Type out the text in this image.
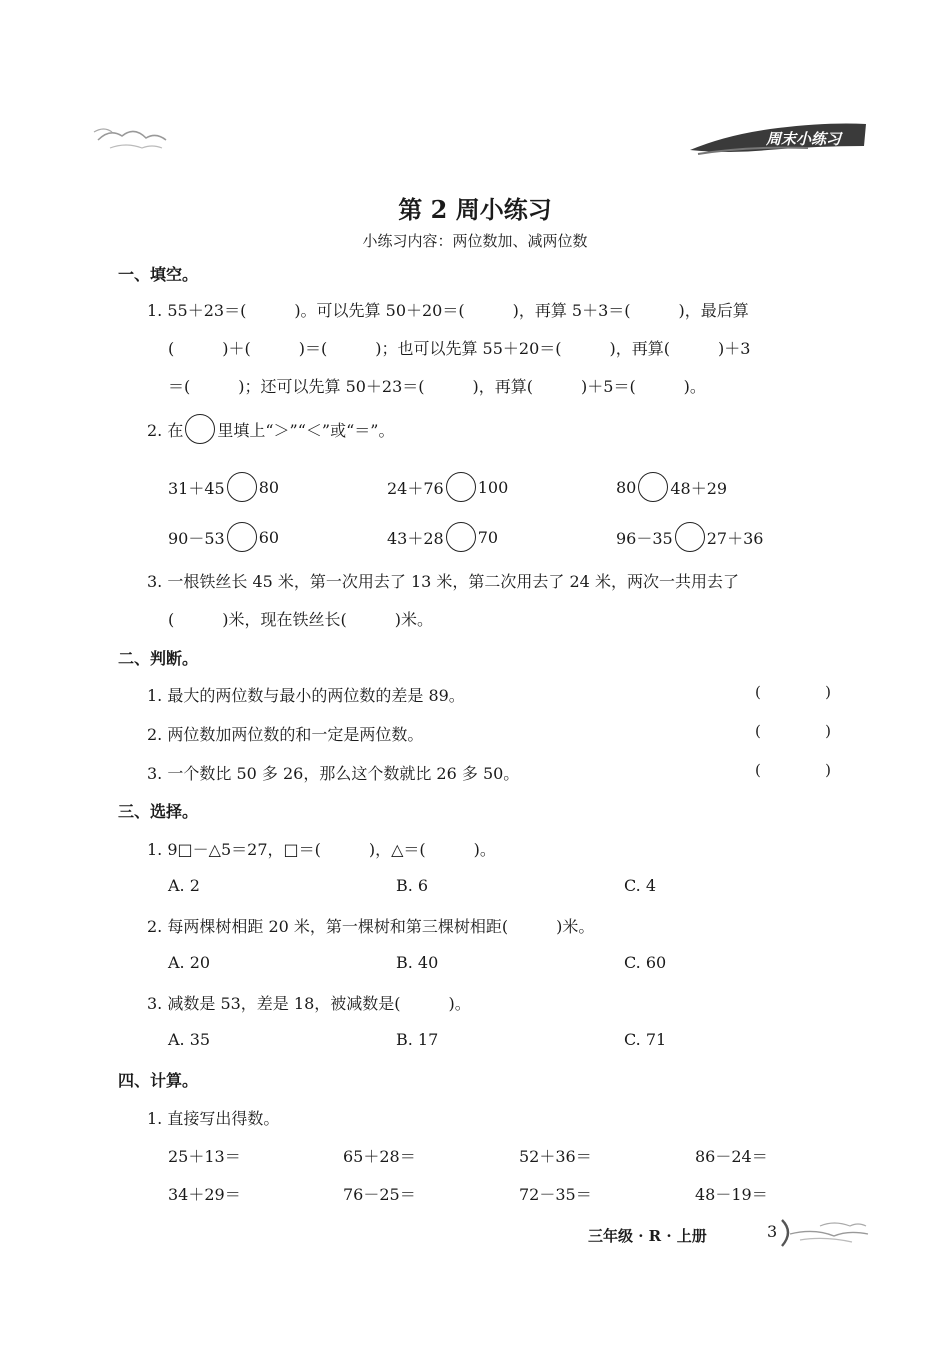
周末小练习
第 2 周小练习
小练习内容：两位数加、减两位数
一、填空。
1. 55＋23＝(　　　)。可以先算 50＋20＝(　　　)，再算 5＋3＝(　　　)，最后算
(　　　)＋(　　　)＝(　　　)；也可以先算 55＋20＝(　　　)，再算(　　　)＋3
＝(　　　)；还可以先算 50＋23＝(　　　)，再算(　　　)＋5＝(　　　)。
2. 在 里填上“＞”“＜”或“＝”。
31＋45 80	24＋76 100	80 48＋29
90－53 60	43＋28 70	96－35 27＋36
3. 一根铁丝长 45 米，第一次用去了 13 米，第二次用去了 24 米，两次一共用去了
(　　　)米，现在铁丝长(　　　)米。
二、判断。
1. 最大的两位数与最小的两位数的差是 89。	(	)
2. 两位数加两位数的和一定是两位数。	(	)
3. 一个数比 50 多 26，那么这个数就比 26 多 50。	(	)
三、选择。
1. 9□－△5＝27，□＝(　　　)，△＝(　　　)。
A. 2	B. 6	C. 4
2. 每两棵树相距 20 米，第一棵树和第三棵树相距(　　　)米。
A. 20	B. 40	C. 60
3. 减数是 53，差是 18，被减数是(　　　)。
A. 35	B. 17	C. 71
四、计算。
1. 直接写出得数。
25＋13＝	65＋28＝	52＋36＝	86－24＝
34＋29＝	76－25＝	72－35＝	48－19＝
三年级 · R · 上册	3
